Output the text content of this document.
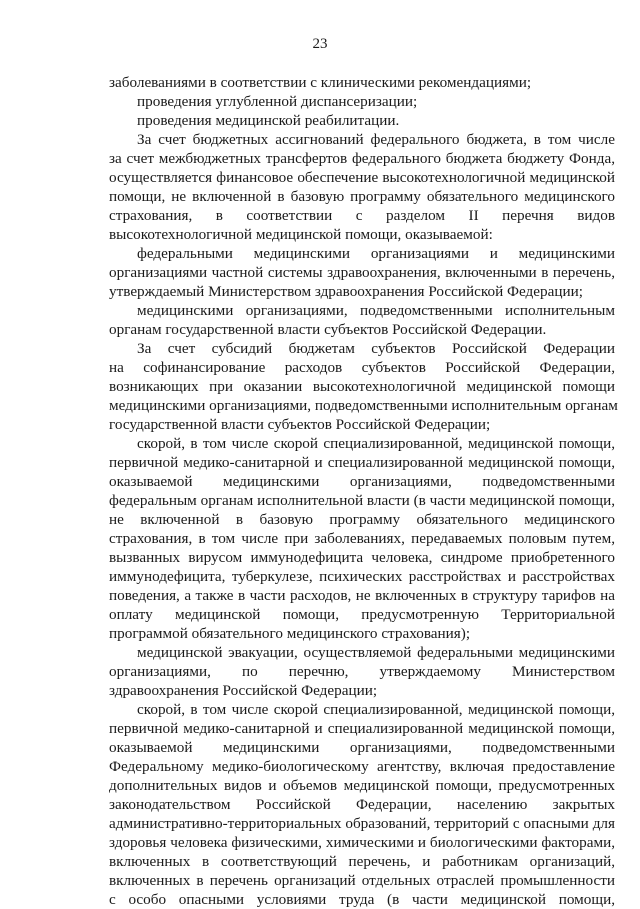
23
заболеваниями в соответствии с клиническими рекомендациями;
проведения углубленной диспансеризации;
проведения медицинской реабилитации.
За счет бюджетных ассигнований федерального бюджета, в том числе
за счет межбюджетных трансфертов федерального бюджета бюджету Фонда,
осуществляется финансовое обеспечение высокотехнологичной медицинской
помощи, не включенной в базовую программу обязательного медицинского
страхования, в соответствии с разделом II перечня видов
высокотехнологичной медицинской помощи, оказываемой:
федеральными медицинскими организациями и медицинскими
организациями частной системы здравоохранения, включенными в перечень,
утверждаемый Министерством здравоохранения Российской Федерации;
медицинскими организациями, подведомственными исполнительным
органам государственной власти субъектов Российской Федерации.
За счет субсидий бюджетам субъектов Российской Федерации
на софинансирование расходов субъектов Российской Федерации,
возникающих при оказании высокотехнологичной медицинской помощи
медицинскими организациями, подведомственными исполнительным органам
государственной власти субъектов Российской Федерации;
скорой, в том числе скорой специализированной, медицинской помощи,
первичной медико-санитарной и специализированной медицинской помощи,
оказываемой медицинскими организациями, подведомственными
федеральным органам исполнительной власти (в части медицинской помощи,
не включенной в базовую программу обязательного медицинского
страхования, в том числе при заболеваниях, передаваемых половым путем,
вызванных вирусом иммунодефицита человека, синдроме приобретенного
иммунодефицита, туберкулезе, психических расстройствах и расстройствах
поведения, а также в части расходов, не включенных в структуру тарифов на
оплату медицинской помощи, предусмотренную Территориальной
программой обязательного медицинского страхования);
медицинской эвакуации, осуществляемой федеральными медицинскими
организациями, по перечню, утверждаемому Министерством
здравоохранения Российской Федерации;
скорой, в том числе скорой специализированной, медицинской помощи,
первичной медико-санитарной и специализированной медицинской помощи,
оказываемой медицинскими организациями, подведомственными
Федеральному медико-биологическому агентству, включая предоставление
дополнительных видов и объемов медицинской помощи, предусмотренных
законодательством Российской Федерации, населению закрытых
административно-территориальных образований, территорий с опасными для
здоровья человека физическими, химическими и биологическими факторами,
включенных в соответствующий перечень, и работникам организаций,
включенных в перечень организаций отдельных отраслей промышленности
с особо опасными условиями труда (в части медицинской помощи,
